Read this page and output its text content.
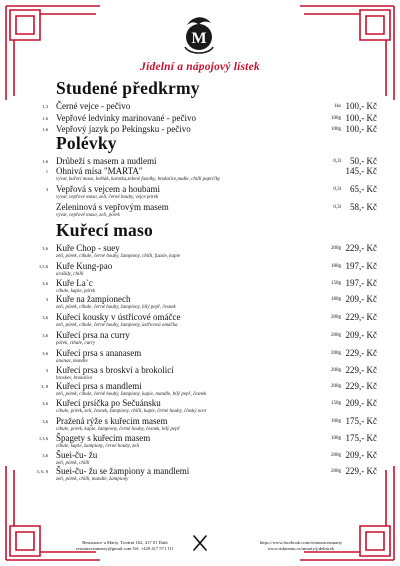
M
Jídelní a nápojový lístek
Studené předkrmy
1,3 Černé vejce - pečivo	1ks 100,- Kč
1,6 Vepřové ledvinky marinované - pečivo	100g 100,- Kč
1,6 Vepřový jazyk po Pekingsku - pečivo	100g 100,- Kč
Polévky
1,6 Drůbeží s masem a nudlemi	0,3l 50,- Kč
1 Ohnivá mísa "MARTA"	145,- Kč
vývar, kuřecí maso, květák, karotka,zelené fazolky, brokolice,nudle, chilli papričky
3 Vepřová s vejcem a houbami	0,3l 65,- Kč
vývar, vepřové maso, zeli, černé houby, vejce pórek
Zeleninová s vepřovým masem	0,3l 58,- Kč
vývar, vepřové maso, zeli, pórek
Kuřecí maso
3,6 Kuře Chop - suey	200g 229,- Kč
zeli, pórek, cibule, černé houby, žampiony, chilli, fazole, kapie
1,5,6 Kuře Kung-pao	180g 197,- Kč
arašídy, chilli
3,6 Kuře La`c	150g 197,- Kč
cibule, kapie, pórek
3 Kuře na žampionech	180g 209,- Kč
zeli, pórek, cibule, černé houby, žampiony, bílý pepř, česnek
3,6 Kuřecí kousky v ústřicové omáčce	200g 229,- Kč
zeli, pórek, cibule, černé houby, žampiony, ústřicová omáčka
3,6 Kuřecí prsa na curry	200g 209,- Kč
pórek, cibule, curry
3,6 Kuřecí prsa s ananasem	200g 229,- Kč
ananas, mandle
3 Kuřecí prsa s broskví a brokolicí	200g 229,- Kč
broskev, brokolice
3, 8 Kuřecí prsa s mandlemi	200g 229,- Kč
zeli, pórek, cibule, černé houby, žampiony, kapie, mandle, bílý pepř, česnek
3,6 Kuřecí prsíčka po Sečuánsku	150g 209,- Kč
cibule, pórek, zeli, česnek, žampiony, chilli, kapie, černé houby, čínský ocet
3,6 Pražená rýže s kuřecím masem	100g 175,- Kč
cibule, pórek, kapie, žampiony, černé houby, česnek, bílý pepř
1,3,6 Špagety s kuřecím masem	100g 175,- Kč
cibule, kapie, žampiony, černé houby, zelí
3,6 Šuei-ču- žu	200g 209,- Kč
zeli, pórek, chilli
3, 6, 8 Šuei-ču- žu se žampiony a mandlemi	200g 229,- Kč
zeli, pórek, chilli, mandle, žampiony
Restaurace u Marty, Tovární 162, 417 01 Dubí
restauraceumarty@gmail.com Tel: +420 417 571 111
https://www.facebook.com/restauraceumarty
www.tisknemu.cz/umarty/jidelnicek
